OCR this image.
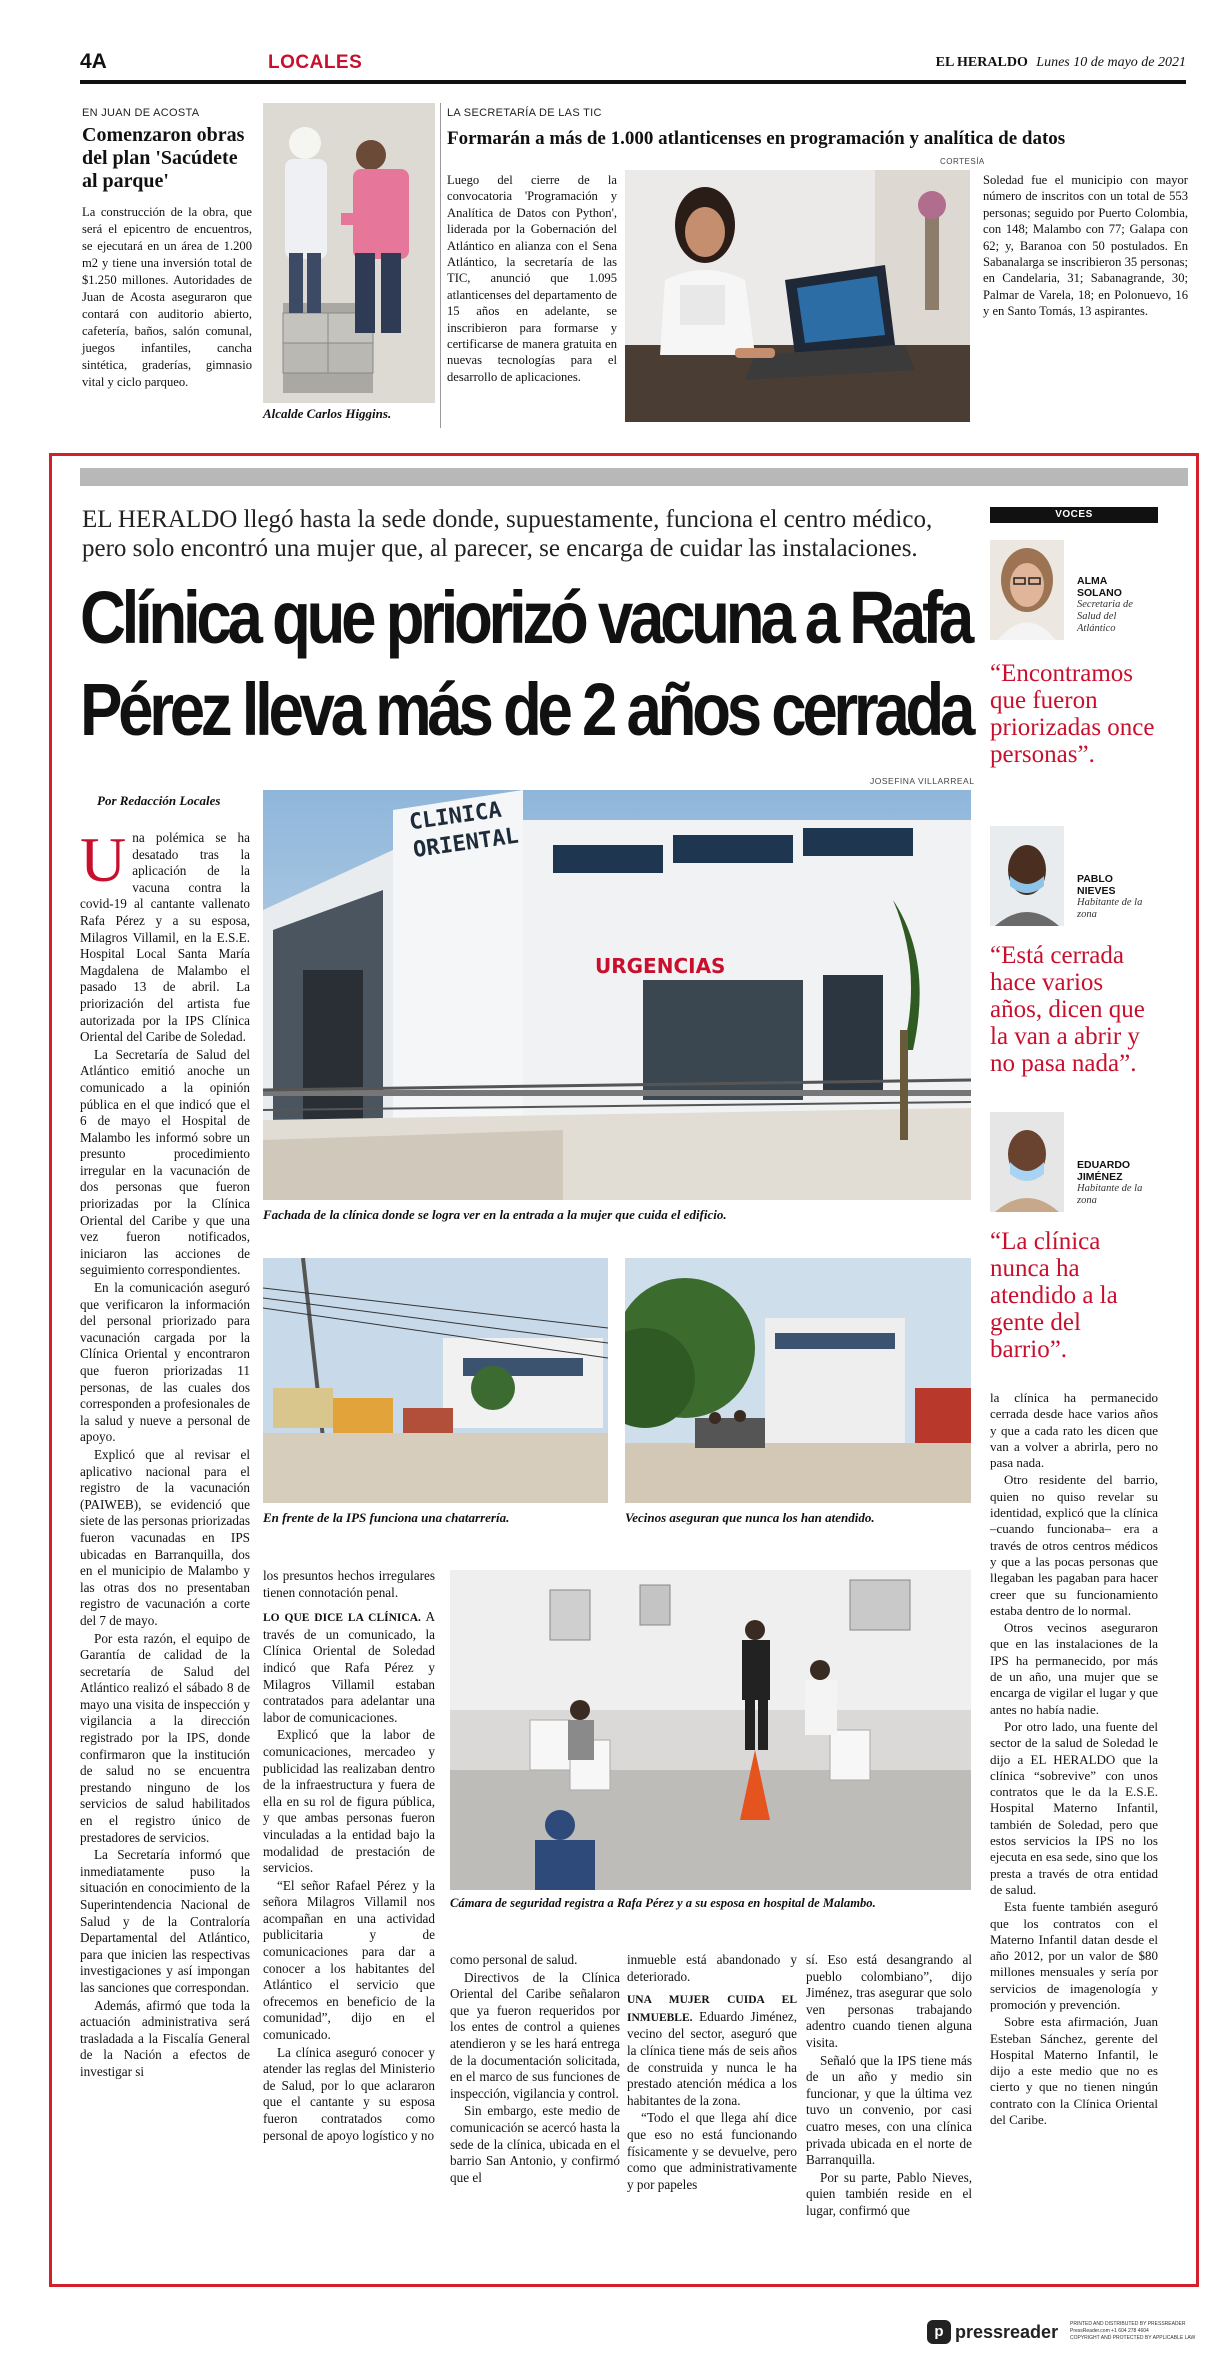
4A	LOCALES	EL HERALDO Lunes 10 de mayo de 2021
EN JUAN DE ACOSTA
Comenzaron obras del plan 'Sacúdete al parque'
La construcción de la obra, que será el epicentro de encuentros, se ejecutará en un área de 1.200 m2 y tiene una inversión total de $1.250 millones. Autoridades de Juan de Acosta aseguraron que contará con auditorio abierto, cafetería, baños, salón comunal, juegos infantiles, cancha sintética, graderías, gimnasio vital y ciclo parqueo.
Alcalde Carlos Higgins.
LA SECRETARÍA DE LAS TIC
Formarán a más de 1.000 atlanticenses en programación y analítica de datos
CORTESÍA
Luego del cierre de la convocatoria 'Programación y Analítica de Datos con Python', liderada por la Gobernación del Atlántico en alianza con el Sena Atlántico, la secretaría de las TIC, anunció que 1.095 atlanticenses del departamento de 15 años en adelante, se inscribieron para formarse y certificarse de manera gratuita en nuevas tecnologías para el desarrollo de aplicaciones.
Soledad fue el municipio con mayor número de inscritos con un total de 553 personas; seguido por Puerto Colombia, con 148; Malambo con 77; Galapa con 62; y, Baranoa con 50 postulados. En Sabanalarga se inscribieron 35 personas; en Candelaria, 31; Sabanagrande, 30; Palmar de Varela, 18; en Polonuevo, 16 y en Santo Tomás, 13 aspirantes.
EL HERALDO llegó hasta la sede donde, supuestamente, funciona el centro médico, pero solo encontró una mujer que, al parecer, se encarga de cuidar las instalaciones.
Clínica que priorizó vacuna a Rafa
Pérez lleva más de 2 años cerrada
JOSEFINA VILLARREAL
Por Redacción Locales	CLINICA
ORIENTAL
URGENCIAS
Fachada de la clínica donde se logra ver en la entrada a la mujer que cuida el edificio.
En frente de la IPS funciona una chatarrería.	Vecinos aseguran que nunca los han atendido.
Cámara de seguridad registra a Rafa Pérez y a su esposa en hospital de Malambo.

Una polémica se ha desatado tras la aplicación de la vacuna contra la covid-19 al cantante vallenato Rafa Pérez y a su esposa, Milagros Villamil, en la E.S.E. Hospital Local Santa María Magdalena de Malambo el pasado 13 de abril. La priorización del artista fue autorizada por la IPS Clínica Oriental del Caribe de Soledad.

La Secretaría de Salud del Atlántico emitió anoche un comunicado a la opinión pública en el que indicó que el 6 de mayo el Hospital de Malambo les informó sobre un presunto procedimiento irregular en la vacunación de dos personas que fueron priorizadas por la Clínica Oriental del Caribe y que una vez fueron notificados, iniciaron las acciones de seguimiento correspondientes.

En la comunicación aseguró que verificaron la información del personal priorizado para vacunación cargada por la Clínica Oriental y encontraron que fueron priorizadas 11 personas, de las cuales dos corresponden a profesionales de la salud y nueve a personal de apoyo.

Explicó que al revisar el aplicativo nacional para el registro de la vacunación (PAIWEB), se evidenció que siete de las personas priorizadas fueron vacunadas en IPS ubicadas en Barranquilla, dos en el municipio de Malambo y las otras dos no presentaban registro de vacunación a corte del 7 de mayo.

Por esta razón, el equipo de Garantía de calidad de la secretaría de Salud del Atlántico realizó el sábado 8 de mayo una visita de inspección y vigilancia a la dirección registrado por la IPS, donde confirmaron que la institución de salud no se encuentra prestando ninguno de los servicios de salud habilitados en el registro único de prestadores de servicios.

La Secretaría informó que inmediatamente puso la situación en conocimiento de la Superintendencia Nacional de Salud y de la Contraloría Departamental del Atlántico, para que inicien las respectivas investigaciones y así impongan las sanciones que correspondan.

Además, afirmó que toda la actuación administrativa será trasladada a la Fiscalía General de la Nación a efectos de investigar si

los presuntos hechos irregulares tienen connotación penal.

LO QUE DICE LA CLÍNICA. A través de un comunicado, la Clínica Oriental de Soledad indicó que Rafa Pérez y Milagros Villamil estaban contratados para adelantar una labor de comunicaciones.

Explicó que la labor de comunicaciones, mercadeo y publicidad las realizaban dentro de la infraestructura y fuera de ella en su rol de figura pública, y que ambas personas fueron vinculadas a la entidad bajo la modalidad de prestación de servicios.

“El señor Rafael Pérez y la señora Milagros Villamil nos acompañan en una actividad publicitaria y de comunicaciones para dar a conocer a los habitantes del Atlántico el servicio que ofrecemos en beneficio de la comunidad”, dijo en el comunicado.

La clínica aseguró conocer y atender las reglas del Ministerio de Salud, por lo que aclararon que el cantante y su esposa fueron contratados como personal de apoyo logístico y no

como personal de salud.

Directivos de la Clínica Oriental del Caribe señalaron que ya fueron requeridos por los entes de control a quienes atendieron y se les hará entrega de la documentación solicitada, en el marco de sus funciones de inspección, vigilancia y control.

Sin embargo, este medio de comunicación se acercó hasta la sede de la clínica, ubicada en el barrio San Antonio, y confirmó que el

inmueble está abandonado y deteriorado.

UNA MUJER CUIDA EL INMUEBLE. Eduardo Jiménez, vecino del sector, aseguró que la clínica tiene más de seis años de construida y nunca le ha prestado atención médica a los habitantes de la zona.

“Todo el que llega ahí dice que eso no está funcionando físicamente y se devuelve, pero como que administrativamente y por papeles

sí. Eso está desangrando al pueblo colombiano”, dijo Jiménez, tras asegurar que solo ven personas trabajando adentro cuando tienen alguna visita.

Señaló que la IPS tiene más de un año y medio sin funcionar, y que la última vez tuvo un convenio, por casi cuatro meses, con una clínica privada ubicada en el norte de Barranquilla.

Por su parte, Pablo Nieves, quien también reside en el lugar, confirmó que

la clínica ha permanecido cerrada desde hace varios años y que a cada rato les dicen que van a volver a abrirla, pero no pasa nada.

Otro residente del barrio, quien no quiso revelar su identidad, explicó que la clínica –cuando funcionaba– era a través de otros centros médicos y que a las pocas personas que llegaban les pagaban para hacer creer que su funcionamiento estaba dentro de lo normal.

Otros vecinos aseguraron que en las instalaciones de la IPS ha permanecido, por más de un año, una mujer que se encarga de vigilar el lugar y que antes no había nadie.

Por otro lado, una fuente del sector de la salud de Soledad le dijo a EL HERALDO que la clínica “sobrevive” con unos contratos que le da la E.S.E. Hospital Materno Infantil, también de Soledad, pero que estos servicios la IPS no los ejecuta en esa sede, sino que los presta a través de otra entidad de salud.

Esta fuente también aseguró que los contratos con el Materno Infantil datan desde el año 2012, por un valor de $80 millones mensuales y sería por servicios de imagenología y promoción y prevención.

Sobre esta afirmación, Juan Esteban Sánchez, gerente del Hospital Materno Infantil, le dijo a este medio que no es cierto y que no tienen ningún contrato con la Clínica Oriental del Caribe.

VOCES
ALMA
SOLANO
Secretaria de Salud del Atlántico
“Encontramos que fueron priorizadas once personas”.
PABLO
NIEVES
Habitante de la zona
“Está cerrada hace varios años, dicen que la van a abrir y no pasa nada”.
EDUARDO
JIMÉNEZ
Habitante de la zona
“La clínica nunca ha atendido a la gente del barrio”.
p pressreader PRINTED AND DISTRIBUTED BY PRESSREADER
PressReader.com +1 604 278 4604
COPYRIGHT AND PROTECTED BY APPLICABLE LAW
